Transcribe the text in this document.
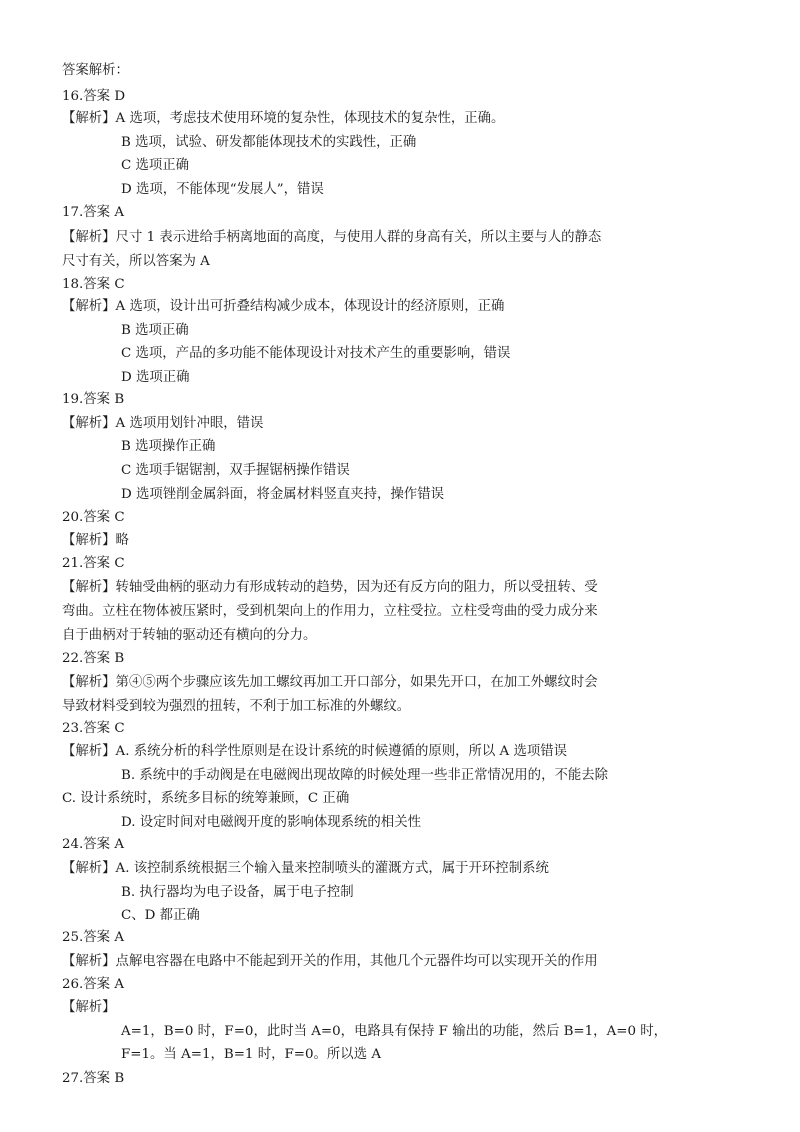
答案解析：
16.答案 D
【解析】A 选项，考虑技术使用环境的复杂性，体现技术的复杂性，正确。
B 选项，试验、研发都能体现技术的实践性，正确
C 选项正确
D 选项，不能体现“发展人”，错误
17.答案 A
【解析】尺寸 1 表示进给手柄离地面的高度，与使用人群的身高有关，所以主要与人的静态
尺寸有关，所以答案为 A
18.答案 C
【解析】A 选项，设计出可折叠结构减少成本，体现设计的经济原则，正确
B 选项正确
C 选项，产品的多功能不能体现设计对技术产生的重要影响，错误
D 选项正确
19.答案 B
【解析】A 选项用划针冲眼，错误
B 选项操作正确
C 选项手锯锯割，双手握锯柄操作错误
D 选项锉削金属斜面，将金属材料竖直夹持，操作错误
20.答案 C
【解析】略
21.答案 C
【解析】转轴受曲柄的驱动力有形成转动的趋势，因为还有反方向的阻力，所以受扭转、受
弯曲。立柱在物体被压紧时，受到机架向上的作用力，立柱受拉。立柱受弯曲的受力成分来
自于曲柄对于转轴的驱动还有横向的分力。
22.答案 B
【解析】第④⑤两个步骤应该先加工螺纹再加工开口部分，如果先开口，在加工外螺纹时会
导致材料受到较为强烈的扭转，不利于加工标准的外螺纹。
23.答案 C
【解析】A. 系统分析的科学性原则是在设计系统的时候遵循的原则，所以 A 选项错误
B. 系统中的手动阀是在电磁阀出现故障的时候处理一些非正常情况用的，不能去除
C. 设计系统时，系统多目标的统筹兼顾，C 正确
D. 设定时间对电磁阀开度的影响体现系统的相关性
24.答案 A
【解析】A. 该控制系统根据三个输入量来控制喷头的灌溉方式，属于开环控制系统
B. 执行器均为电子设备，属于电子控制
C、D 都正确
25.答案 A
【解析】点解电容器在电路中不能起到开关的作用，其他几个元器件均可以实现开关的作用
26.答案 A
【解析】
A=1，B=0 时，F=0，此时当 A=0，电路具有保持 F 输出的功能，然后 B=1，A=0 时，
F=1。当 A=1，B=1 时，F=0。所以选 A
27.答案 B
